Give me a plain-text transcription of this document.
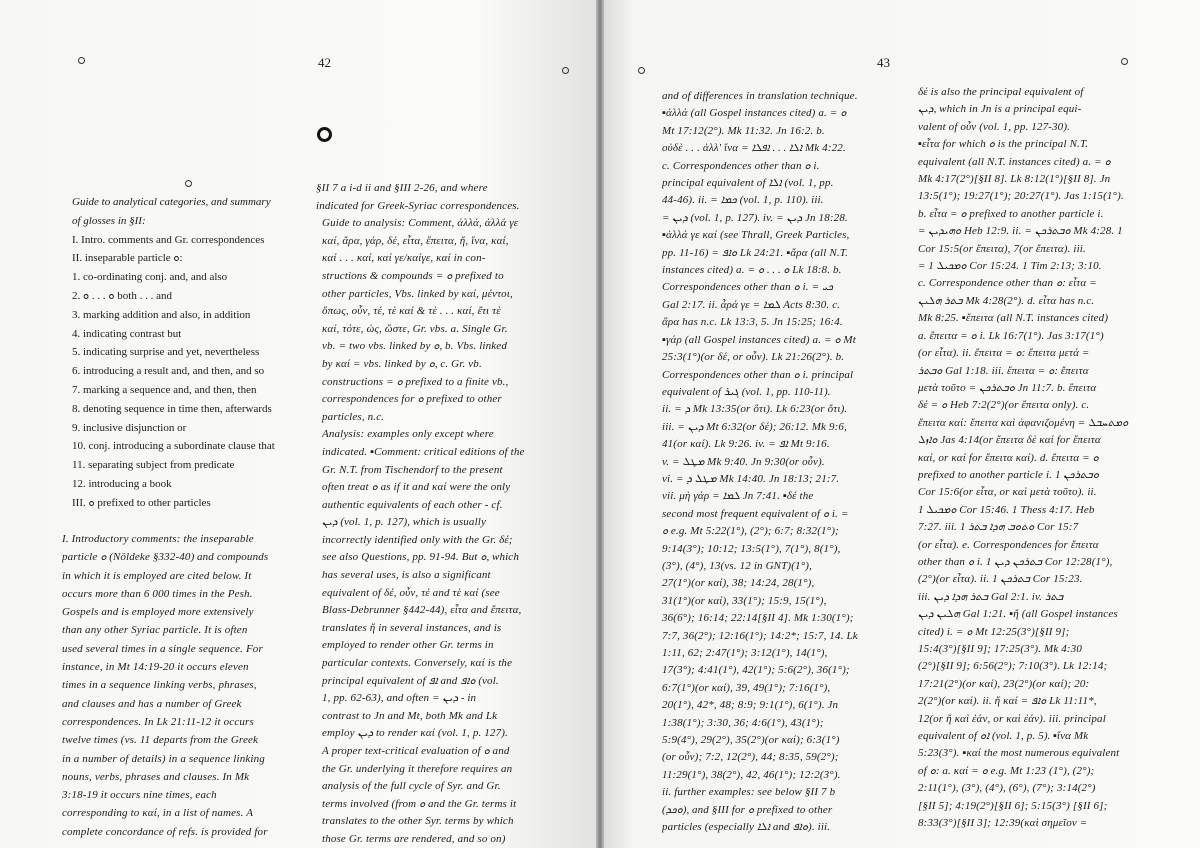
42

Guide to analytical categories, and summary

of glosses in §II:

I. Intro. comments and Gr. correspondences

II. inseparable particle ܘ:

1. co-ordinating conj. and, and also

2. ܘ . . . ܘ both . . . and

3. marking addition and also, in addition

4. indicating contrast but

5. indicating surprise and yet, nevertheless

6. introducing a result and, and then, and so

7. marking a sequence and, and then, then

8. denoting sequence in time then, afterwards

9. inclusive disjunction or

10. conj. introducing a subordinate clause that

11. separating subject from predicate

12. introducing a book

III. ܘ prefixed to other particles

I. Introductory comments: the inseparable
particle ܘ (Nöldeke §332-40) and compounds
in which it is employed are cited below. It
occurs more than 6 000 times in the Pesh.
Gospels and is employed more extensively
than any other Syriac particle. It is often
used several times in a single sequence. For
instance, in Mt 14:19-20 it occurs eleven
times in a sequence linking verbs, phrases,
and clauses and has a number of Greek
correspondences. In Lk 21:11-12 it occurs
twelve times (vs. 11 departs from the Greek
in a number of details) in a sequence linking
nouns, verbs, phrases and clauses. In Mk
3:18-19 it occurs nine times, each
corresponding to καί, in a list of names. A
complete concordance of refs. is provided for
§II 7 a i-d ii and §III 2-26, and where
indicated for Greek-Syriac correspondences.
Guide to analysis: Comment, ἀλλά, ἀλλά γε
καί, ἄρα, γάρ, δέ, εἶτα, ἔπειτα, ἤ, ἵνα, καί,
καί . . . καί, καί γε/καίγε, καί in con-
structions & compounds = ܘ prefixed to
other particles, Vbs. linked by καί, μέντοι,
ὅπως, οὖν, τέ, τὲ καί & τὲ . . . καί, ἔτι τὲ
καί, τότε, ὡς, ὥστε, Gr. vbs. a. Single Gr.
vb. = two vbs. linked by ܘ, b. Vbs. linked
by καί = vbs. linked by ܘ, c. Gr. vb.
constructions = ܘ prefixed to a finite vb.,
correspondences for ܘ prefixed to other
particles, n.c.
Analysis: examples only except where
indicated. ▪Comment: critical editions of the
Gr. N.T. from Tischendorf to the present
often treat ܘ as if it and καί were the only
authentic equivalents of each other - cf.
ܕܝܢ (vol. 1, p. 127), which is usually
incorrectly identified only with the Gr. δέ;
see also Questions, pp. 91-94. But ܘ, which
has several uses, is also a significant
equivalent of δέ, οὖν, τέ and τὲ καί (see
Blass-Debrunner §442-44), εἶτα and ἔπειτα,
translates ἤ in several instances, and is
employed to render other Gr. terms in
particular contexts. Conversely, καί is the
principal equivalent of ܐܦ and ܘܐܦ (vol.
1, pp. 62-63), and often = ܕܝܢ - in
contrast to Jn and Mt, both Mk and Lk
employ ܕܝܢ to render καί (vol. 1, p. 127).
A proper text-critical evaluation of ܘ and
the Gr. underlying it therefore requires an
analysis of the full cycle of Syr. and Gr.
terms involved (from ܘ and the Gr. terms it
translates to the other Syr. terms by which
those Gr. terms are rendered, and so on)
43
and of differences in translation technique.
▪ἀλλά (all Gospel instances cited) a. = ܘ
Mt 17:12(2°). Mk 11:32. Jn 16:2. b.
οὐδὲ . . . ἀλλ' ἵνα = ܐܠܐ . . . ܐܦܠܐ Mk 4:22.
c. Correspondences other than ܘ i.
principal equivalent of ܐܠܐ (vol. 1, pp.
44-46). ii. = ܟܡܐ (vol. 1, p. 110). iii.
= ܕܝܢ (vol. 1, p. 127). iv. = ܕܝܢ Jn 18:28.
▪ἀλλά γε καί (see Thrall, Greek Particles,
pp. 11-16) = ܘܐܦ Lk 24:21. ▪ἄρα (all N.T.
instances cited) a. = ܘ . . . ܘ Lk 18:8. b.
Correspondences other than ܘ i. = ܟܝ
Gal 2:17. ii. ἆρά γε = ܠܡܐ Acts 8:30. c.
ἄρα has n.c. Lk 13:3, 5. Jn 15:25; 16:4.
▪γάρ (all Gospel instances cited) a. = ܘ Mt
25:3(1°)(or δέ, or οὖν). Lk 21:26(2°). b.
Correspondences other than ܘ i. principal
equivalent of ܓܝܪ (vol. 1, pp. 110-11).
ii. = ܕ Mk 13:35(or ὅτι). Lk 6:23(or ὅτι).
iii. = ܕܝܢ Mt 6:32(or δέ); 26:12. Mk 9:6,
41(or καί). Lk 9:26. iv. = ܐܦ Mt 9:16.
v. = ܡܛܠ Mk 9:40. Jn 9:30(or οὖν).
vi. = ܡܛܠ ܕ Mk 14:40. Jn 18:13; 21:7.
vii. μὴ γάρ = ܠܡܐ Jn 7:41. ▪δέ the
second most frequent equivalent of ܘ i. =
ܘ e.g. Mt 5:22(1°), (2°); 6:7; 8:32(1°);
9:14(3°); 10:12; 13:5(1°), 7(1°), 8(1°),
(3°), (4°), 13(vs. 12 in GNT)(1°),
27(1°)(or καί), 38; 14:24, 28(1°),
31(1°)(or καί), 33(1°); 15:9, 15(1°),
36(6°); 16:14; 22:14[§II 4]. Mk 1:30(1°);
7:7, 36(2°); 12:16(1°); 14:2*; 15:7, 14. Lk
1:11, 62; 2:47(1°); 3:12(1°), 14(1°),
17(3°); 4:41(1°), 42(1°); 5:6(2°), 36(1°);
6:7(1°)(or καί), 39, 49(1°); 7:16(1°),
20(1°), 42*, 48; 8:9; 9:1(1°), 6(1°). Jn
1:38(1°); 3:30, 36; 4:6(1°), 43(1°);
5:9(4°), 29(2°), 35(2°)(or καί); 6:3(1°)
(or οὖν); 7:2, 12(2°), 44; 8:35, 59(2°);
11:29(1°), 38(2°), 42, 46(1°); 12:2(3°).
ii. further examples: see below §II 7 b
(ܘܟܕ), and §III for ܘ prefixed to other
particles (especially ܐܠܐ and ܘܐܦ). iii.
δέ is also the principal equivalent of
ܕܝܢ, which in Jn is a principal equi-
valent of οὖν (vol. 1, pp. 127-30).
▪εἶτα for which ܘ is the principal N.T.
equivalent (all N.T. instances cited) a. = ܘ
Mk 4:17(2°)[§II 8]. Lk 8:12(1°)[§II 8]. Jn
13:5(1°); 19:27(1°); 20:27(1°). Jas 1:15(1°).
b. εἶτα = ܘ prefixed to another particle i.
= ܘܗܝܕܝܢ Heb 12:9. ii. = ܘܒܬܪܟܢ Mk 4:28. 1
Cor 15:5(or ἔπειτα), 7(or ἔπειτα). iii.
= ܘܡܟܝܠ 1 Cor 15:24. 1 Tim 2:13; 3:10.
c. Correspondence other than ܘ: εἶτα =
ܒܬܪ ܗܠܝܢ Mk 4:28(2°). d. εἶτα has n.c.
Mk 8:25. ▪ἔπειτα (all N.T. instances cited)
a. ἔπειτα = ܘ i. Lk 16:7(1°). Jas 3:17(1°)
(or εἶτα). ii. ἔπειτα = ܘ: ἔπειτα μετά =
ܘܒܬܪ Gal 1:18. iii. ἔπειτα = ܘ: ἔπειτα
μετὰ τοῦτο = ܘܒܬܪܟܢ Jn 11:7. b. ἔπειτα
δέ = ܘ Heb 7:2(2°)(or ἔπειτα only). c.
ἔπειτα καί: ἔπειτα καὶ ἀφανιζομένη = ܘܡܬܚܒܠ
ܘܐܙܠ Jas 4:14(or ἔπειτα δὲ καί for ἔπειτα
καί, or καί for ἔπειτα καί). d. ἔπειτα = ܘ
prefixed to another particle i. ܘܒܬܪܟܢ 1
Cor 15:6(or εἶτα, or καὶ μετὰ τοῦτο). ii.
ܘܡܟܝܠ 1 Cor 15:46. 1 Thess 4:17. Heb
7:27. iii. ܘܬܘܒ ܗܕܐ ܒܬܪ 1 Cor 15:7
(or εἶτα). e. Correspondences for ἔπειτα
other than ܘ i. ܒܬܪܟܢ ܕܝܢ 1 Cor 12:28(1°),
(2°)(or εἶτα). ii. ܒܬܪܟܢ 1 Cor 15:23.
iii. ܒܬܪ ܗܕܐ ܕܝܢ Gal 2:1. iv. ܒܬܪ
ܗܠܝܢ ܕܝܢ Gal 1:21. ▪ἤ (all Gospel instances
cited) i. = ܘ Mt 12:25(3°)[§II 9];
15:4(3°)[§II 9]; 17:25(3°). Mk 4:30
(2°)[§II 9]; 6:56(2°); 7:10(3°). Lk 12:14;
17:21(2°)(or καί), 23(2°)(or καί); 20:
2(2°)(or καί). ii. ἤ καί = ܘܐܦ Lk 11:11*,
12(or ἤ καὶ ἐάν, or καὶ ἐάν). iii. principal
equivalent of ܐܘ (vol. 1, p. 5). ▪ἵνα Mk
5:23(3°). ▪καί the most numerous equivalent
of ܘ: a. καί = ܘ e.g. Mt 1:23 (1°), (2°);
2:11(1°), (3°), (4°), (6°), (7°); 3:14(2°)
[§II 5]; 4:19(2°)[§II 6]; 5:15(3°) [§II 6];
8:33(3°)[§II 3]; 12:39(καὶ σημεῖον =
